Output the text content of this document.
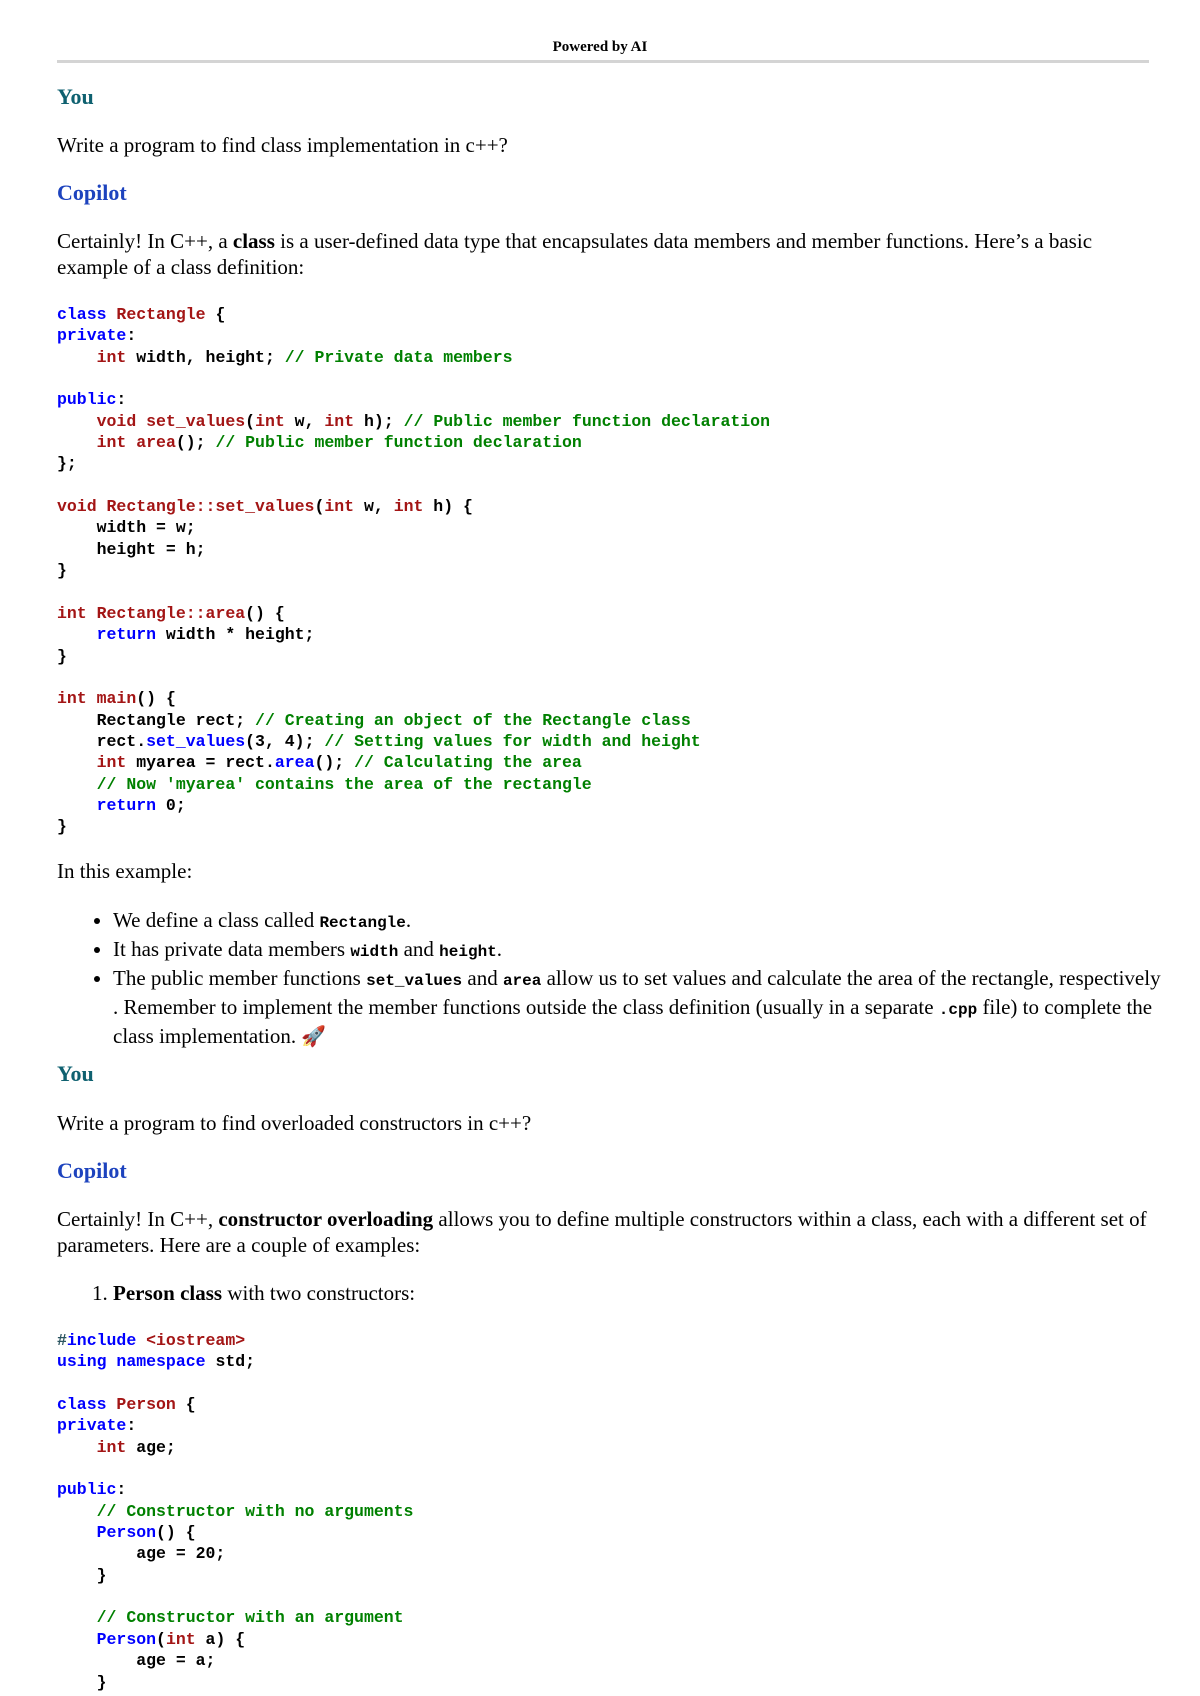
Powered by AI
You
Write a program to find class implementation in c++?
Copilot
Certainly! In C++, a class is a user-defined data type that encapsulates data members and member functions. Here’s a basic example of a class definition:
class Rectangle {
private:
int width, height; // Private data members

public:
void set_values(int w, int h); // Public member function declaration
int area(); // Public member function declaration
};

void Rectangle::set_values(int w, int h) {
width = w;
height = h;
}

int Rectangle::area() {
return width * height;
}

int main() {
Rectangle rect; // Creating an object of the Rectangle class
rect.set_values(3, 4); // Setting values for width and height
int myarea = rect.area(); // Calculating the area
// Now 'myarea' contains the area of the rectangle
return 0;
}
In this example:
• We define a class called Rectangle.
• It has private data members width and height.
• The public member functions set_values and area allow us to set values and calculate the area of the rectangle, respectively . Remember to implement the member functions outside the class definition (usually in a separate .cpp file) to complete the class implementation. 🚀
You
Write a program to find overloaded constructors in c++?
Copilot
Certainly! In C++, constructor overloading allows you to define multiple constructors within a class, each with a different set of parameters. Here are a couple of examples:
1. Person class with two constructors:
#include <iostream>
using namespace std;

class Person {
private:
int age;

public:
// Constructor with no arguments
Person() {
age = 20;
}

// Constructor with an argument
Person(int a) {
age = a;
}
